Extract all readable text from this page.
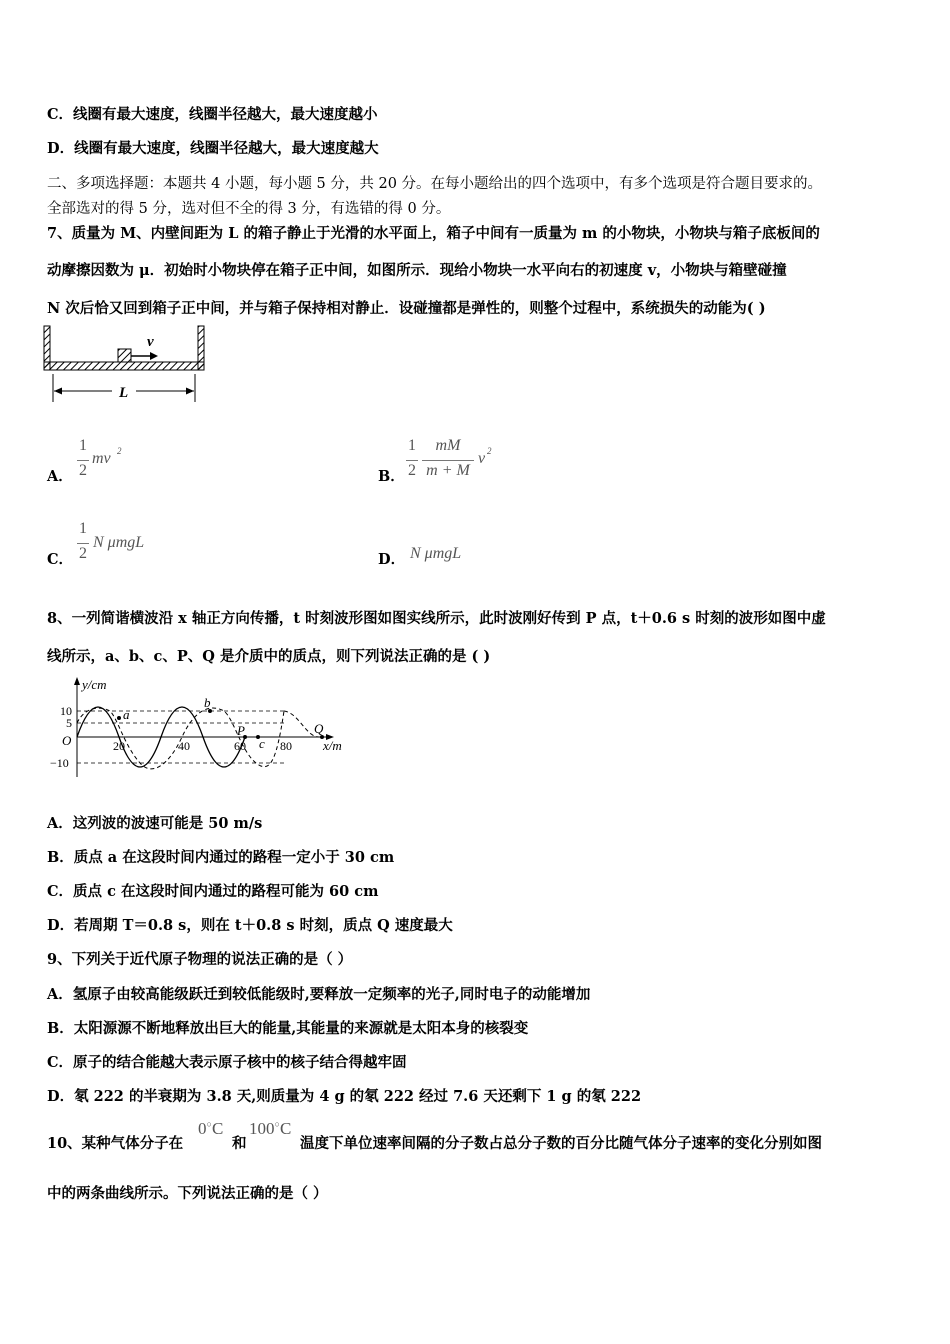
C．线圈有最大速度，线圈半径越大，最大速度越小
D．线圈有最大速度，线圈半径越大，最大速度越大
二、多项选择题：本题共 4 小题，每小题 5 分，共 20 分。在每小题给出的四个选项中，有多个选项是符合题目要求的。
全部选对的得 5 分，选对但不全的得 3 分，有选错的得 0 分。
7、质量为 M、内壁间距为 L 的箱子静止于光滑的水平面上，箱子中间有一质量为 m 的小物块，小物块与箱子底板间的
动摩擦因数为 μ．初始时小物块停在箱子正中间，如图所示．现给小物块一水平向右的初速度 v，小物块与箱壁碰撞
N 次后恰又回到箱子正中间，并与箱子保持相对静止．设碰撞都是弹性的，则整个过程中，系统损失的动能为( )
v
L
A．
1
2
mv 2
B．
1
2
mM
m + M
v 2
C．
1
2
N μmgL
D． N μmgL
8、一列简谐横波沿 x 轴正方向传播，t 时刻波形图如图实线所示，此时波刚好传到 P 点，t＋0.6 s 时刻的波形如图中虚
线所示，a、b、c、P、Q 是介质中的质点，则下列说法正确的是 ( )
y/cm
10
5
O
−10
20	40	60	80 x/m
a
b
P
c
Q
A．这列波的波速可能是 50 m/s
B．质点 a 在这段时间内通过的路程一定小于 30 cm
C．质点 c 在这段时间内通过的路程可能为 60 cm
D．若周期 T＝0.8 s，则在 t＋0.8 s 时刻，质点 Q 速度最大
9、下列关于近代原子物理的说法正确的是（ ）
A．氢原子由较高能级跃迁到较低能级时,要释放一定频率的光子,同时电子的动能增加
B．太阳源源不断地释放出巨大的能量,其能量的来源就是太阳本身的核裂变
C．原子的结合能越大表示原子核中的核子结合得越牢固
D．氡 222 的半衰期为 3.8 天,则质量为 4 g 的氡 222 经过 7.6 天还剩下 1 g 的氡 222
10、某种气体分子在
0○C
和
100○C
温度下单位速率间隔的分子数占总分子数的百分比随气体分子速率的变化分别如图
中的两条曲线所示。下列说法正确的是（ ）
